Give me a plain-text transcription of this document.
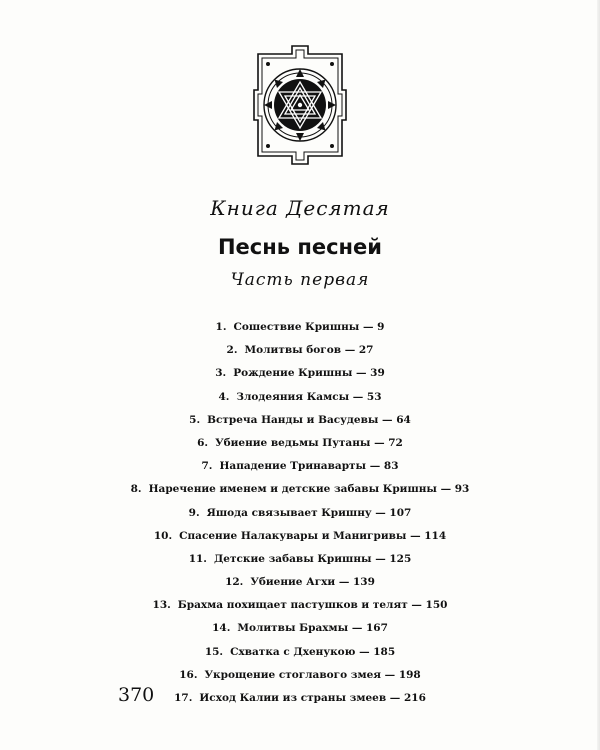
Книга Десятая
Песнь песней
Часть первая
1. Сошествие Кришны — 9
2. Молитвы богов — 27
3. Рождение Кришны — 39
4. Злодеяния Камсы — 53
5. Встреча Нанды и Васудевы — 64
6. Убиение ведьмы Путаны — 72
7. Нападение Тринаварты — 83
8. Наречение именем и детские забавы Кришны — 93
9. Яшода связывает Кришну — 107
10. Спасение Налакувары и Манигривы — 114
11. Детские забавы Кришны — 125
12. Убиение Агхи — 139
13. Брахма похищает пастушков и телят — 150
14. Молитвы Брахмы — 167
15. Схватка с Дхенукою — 185
16. Укрощение стоглавого змея — 198
17. Исход Калии из страны змеев — 216
370
